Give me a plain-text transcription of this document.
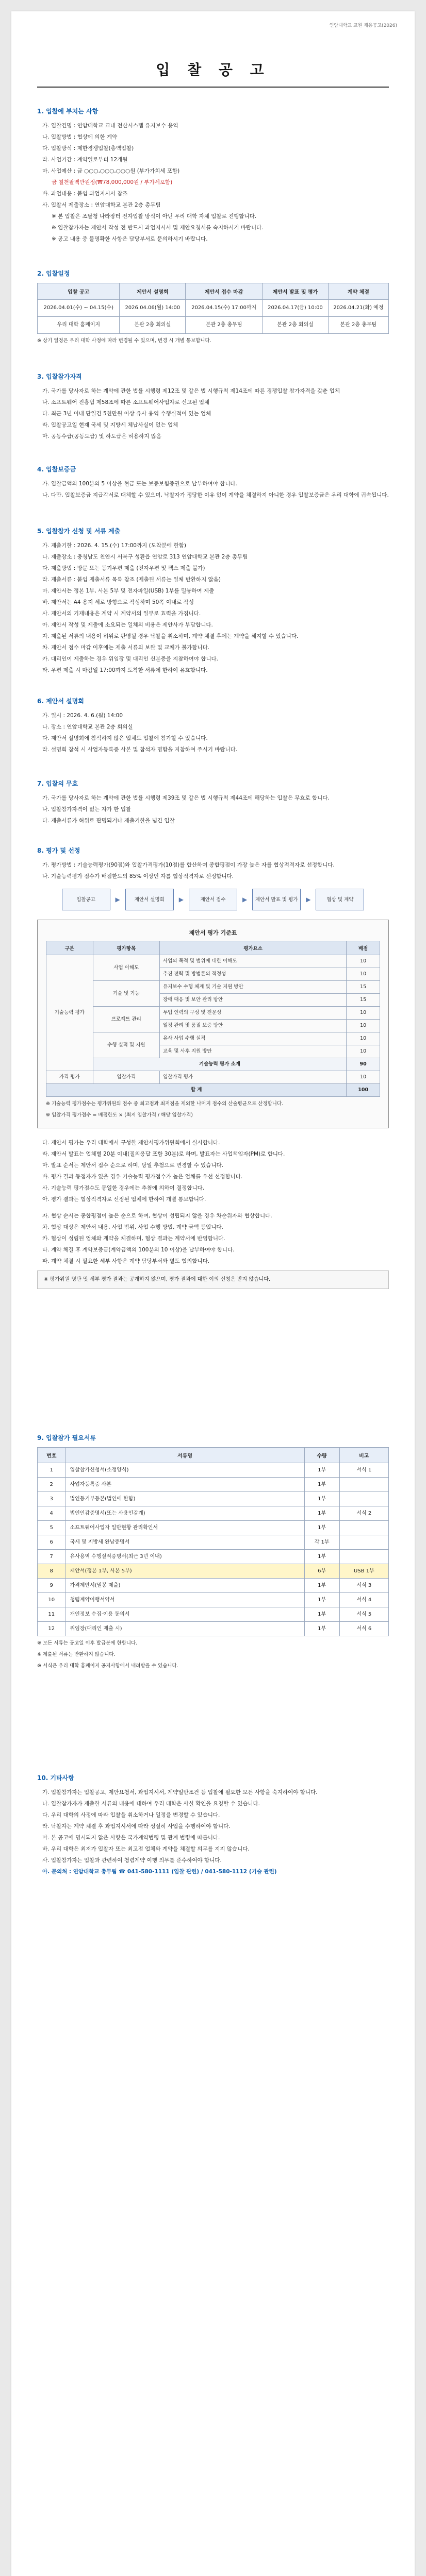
연암대학교 교원 채용공고(2026)
입 찰 공 고
1. 입찰에 부치는 사항
가. 입찰건명 : 연암대학교 교내 전산시스템 유지보수 용역
나. 입찰방법 : 협상에 의한 계약
다. 입찰방식 : 제한경쟁입찰(총액입찰)
라. 사업기간 : 계약일로부터 12개월
마. 사업예산 : 금 ○○○,○○○,○○○원 (부가가치세 포함)
금 칠천팔백만원정(₩78,000,000원 / 부가세포함)
바. 과업내용 : 붙임 과업지시서 참조
사. 입찰서 제출장소 : 연암대학교 본관 2층 총무팀
※ 본 입찰은 조달청 나라장터 전자입찰 방식이 아닌 우리 대학 자체 입찰로 진행합니다.
※ 입찰참가자는 제안서 작성 전 반드시 과업지시서 및 제안요청서를 숙지하시기 바랍니다.
※ 공고 내용 중 불명확한 사항은 담당부서로 문의하시기 바랍니다.
2. 입찰일정
입찰 공고	제안서 설명회	제안서 접수 마감	제안서 발표 및 평가	계약 체결
2026.04.01(수) ~ 04.15(수)	2026.04.06(월) 14:00	2026.04.15(수) 17:00까지	2026.04.17(금) 10:00	2026.04.21(화) 예정
우리 대학 홈페이지	본관 2층 회의실	본관 2층 총무팀	본관 2층 회의실	본관 2층 총무팀
※ 상기 일정은 우리 대학 사정에 따라 변경될 수 있으며, 변경 시 개별 통보합니다.
3. 입찰참가자격
가. 국가를 당사자로 하는 계약에 관한 법률 시행령 제12조 및 같은 법 시행규칙 제14조에 따른 경쟁입찰 참가자격을 갖춘 업체
나. 소프트웨어 진흥법 제58조에 따른 소프트웨어사업자로 신고된 업체
다. 최근 3년 이내 단일건 5천만원 이상 유사 용역 수행실적이 있는 업체
라. 입찰공고일 현재 국세 및 지방세 체납사실이 없는 업체
마. 공동수급(공동도급) 및 하도급은 허용하지 않음
4. 입찰보증금
가. 입찰금액의 100분의 5 이상을 현금 또는 보증보험증권으로 납부하여야 합니다.
나. 다만, 입찰보증금 지급각서로 대체할 수 있으며, 낙찰자가 정당한 이유 없이 계약을 체결하지 아니한 경우 입찰보증금은 우리 대학에 귀속됩니다.
5. 입찰참가 신청 및 서류 제출
가. 제출기한 : 2026. 4. 15.(수) 17:00까지 (도착분에 한함)
나. 제출장소 : 충청남도 천안시 서북구 성환읍 연암로 313 연암대학교 본관 2층 총무팀
다. 제출방법 : 방문 또는 등기우편 제출 (전자우편 및 팩스 제출 불가)
라. 제출서류 : 붙임 제출서류 목록 참조 (제출된 서류는 일체 반환하지 않음)
마. 제안서는 정본 1부, 사본 5부 및 전자파일(USB) 1부를 밀봉하여 제출
바. 제안서는 A4 용지 세로 방향으로 작성하며 50쪽 이내로 작성
사. 제안서의 기재내용은 계약 시 계약서의 일부로 효력을 가집니다.
아. 제안서 작성 및 제출에 소요되는 일체의 비용은 제안사가 부담합니다.
자. 제출된 서류의 내용이 허위로 판명될 경우 낙찰을 취소하며, 계약 체결 후에는 계약을 해지할 수 있습니다.
차. 제안서 접수 마감 이후에는 제출 서류의 보완 및 교체가 불가합니다.
카. 대리인이 제출하는 경우 위임장 및 대리인 신분증을 지참하여야 합니다.
타. 우편 제출 시 마감일 17:00까지 도착한 서류에 한하여 유효합니다.
6. 제안서 설명회
가. 일시 : 2026. 4. 6.(월) 14:00
나. 장소 : 연암대학교 본관 2층 회의실
다. 제안서 설명회에 참석하지 않은 업체도 입찰에 참가할 수 있습니다.
라. 설명회 참석 시 사업자등록증 사본 및 참석자 명함을 지참하여 주시기 바랍니다.
7. 입찰의 무효
가. 국가를 당사자로 하는 계약에 관한 법률 시행령 제39조 및 같은 법 시행규칙 제44조에 해당하는 입찰은 무효로 합니다.
나. 입찰참가자격이 없는 자가 한 입찰
다. 제출서류가 허위로 판명되거나 제출기한을 넘긴 입찰
8. 평가 및 선정
가. 평가방법 : 기술능력평가(90점)와 입찰가격평가(10점)를 합산하여 종합평점이 가장 높은 자를 협상적격자로 선정합니다.
나. 기술능력평가 점수가 배점한도의 85% 이상인 자를 협상적격자로 선정합니다.
입찰공고	▶	제안서 설명회	▶	제안서 접수	▶	제안서 발표 및 평가	▶	협상 및 계약
제안서 평가 기준표
구분	평가항목	평가요소	배점
기술능력 평가	사업 이해도	사업의 목적 및 범위에 대한 이해도	10
		추진 전략 및 방법론의 적정성	10
	기술 및 기능	유지보수 수행 체계 및 기술 지원 방안	15
		장애 대응 및 보안 관리 방안	15
	프로젝트 관리	투입 인력의 구성 및 전문성	10
		일정 관리 및 품질 보증 방안	10
	수행 실적 및 지원	유사 사업 수행 실적	10
		교육 및 사후 지원 방안	10
	기술능력 평가 소계		90
가격 평가	입찰가격	입찰가격 평가	10
합 계			100
※ 기술능력 평가점수는 평가위원의 점수 중 최고점과 최저점을 제외한 나머지 점수의 산술평균으로 산정합니다.
※ 입찰가격 평가점수 = 배점한도 × (최저 입찰가격 / 해당 입찰가격)
다. 제안서 평가는 우리 대학에서 구성한 제안서평가위원회에서 실시합니다.
라. 제안서 발표는 업체별 20분 이내(질의응답 포함 30분)로 하며, 발표자는 사업책임자(PM)로 합니다.
마. 발표 순서는 제안서 접수 순으로 하며, 당일 추첨으로 변경할 수 있습니다.
바. 평가 결과 동점자가 있을 경우 기술능력 평가점수가 높은 업체를 우선 선정합니다.
사. 기술능력 평가점수도 동일한 경우에는 추첨에 의하여 결정합니다.
아. 평가 결과는 협상적격자로 선정된 업체에 한하여 개별 통보합니다.
자. 협상 순서는 종합평점이 높은 순으로 하며, 협상이 성립되지 않을 경우 차순위자와 협상합니다.
차. 협상 대상은 제안서 내용, 사업 범위, 사업 수행 방법, 계약 금액 등입니다.
카. 협상이 성립된 업체와 계약을 체결하며, 협상 결과는 계약서에 반영합니다.
타. 계약 체결 후 계약보증금(계약금액의 100분의 10 이상)을 납부하여야 합니다.
파. 계약 체결 시 필요한 세부 사항은 계약 담당부서와 별도 협의합니다.
※ 평가위원 명단 및 세부 평가 결과는 공개하지 않으며, 평가 결과에 대한 이의 신청은 받지 않습니다.
9. 입찰참가 필요서류
번호	서류명	수량	비고
1	입찰참가신청서(소정양식)	1부	서식 1
2	사업자등록증 사본	1부	
3	법인등기부등본(법인에 한함)	1부	
4	법인인감증명서(또는 사용인감계)	1부	서식 2
5	소프트웨어사업자 일반현황 관리확인서	1부	
6	국세 및 지방세 완납증명서	각 1부	
7	유사용역 수행실적증명서(최근 3년 이내)	1부	
8	제안서(정본 1부, 사본 5부)	6부	USB 1부
9	가격제안서(밀봉 제출)	1부	서식 3
10	청렴계약이행서약서	1부	서식 4
11	개인정보 수집·이용 동의서	1부	서식 5
12	위임장(대리인 제출 시)	1부	서식 6
※ 모든 서류는 공고일 이후 발급분에 한합니다.
※ 제출된 서류는 반환하지 않습니다.
※ 서식은 우리 대학 홈페이지 공지사항에서 내려받을 수 있습니다.
10. 기타사항
가. 입찰참가자는 입찰공고, 제안요청서, 과업지시서, 계약일반조건 등 입찰에 필요한 모든 사항을 숙지하여야 합니다.
나. 입찰참가자가 제출한 서류의 내용에 대하여 우리 대학은 사실 확인을 요청할 수 있습니다.
다. 우리 대학의 사정에 따라 입찰을 취소하거나 일정을 변경할 수 있습니다.
라. 낙찰자는 계약 체결 후 과업지시서에 따라 성실히 사업을 수행하여야 합니다.
마. 본 공고에 명시되지 않은 사항은 국가계약법령 및 관계 법령에 따릅니다.
바. 우리 대학은 최저가 입찰자 또는 최고점 업체와 계약을 체결할 의무를 지지 않습니다.
사. 입찰참가자는 입찰과 관련하여 청렴계약 이행 의무를 준수하여야 합니다.
아. 문의처 : 연암대학교 총무팀 ☎ 041-580-1111 (입찰 관련) / 041-580-1112 (기술 관련)
